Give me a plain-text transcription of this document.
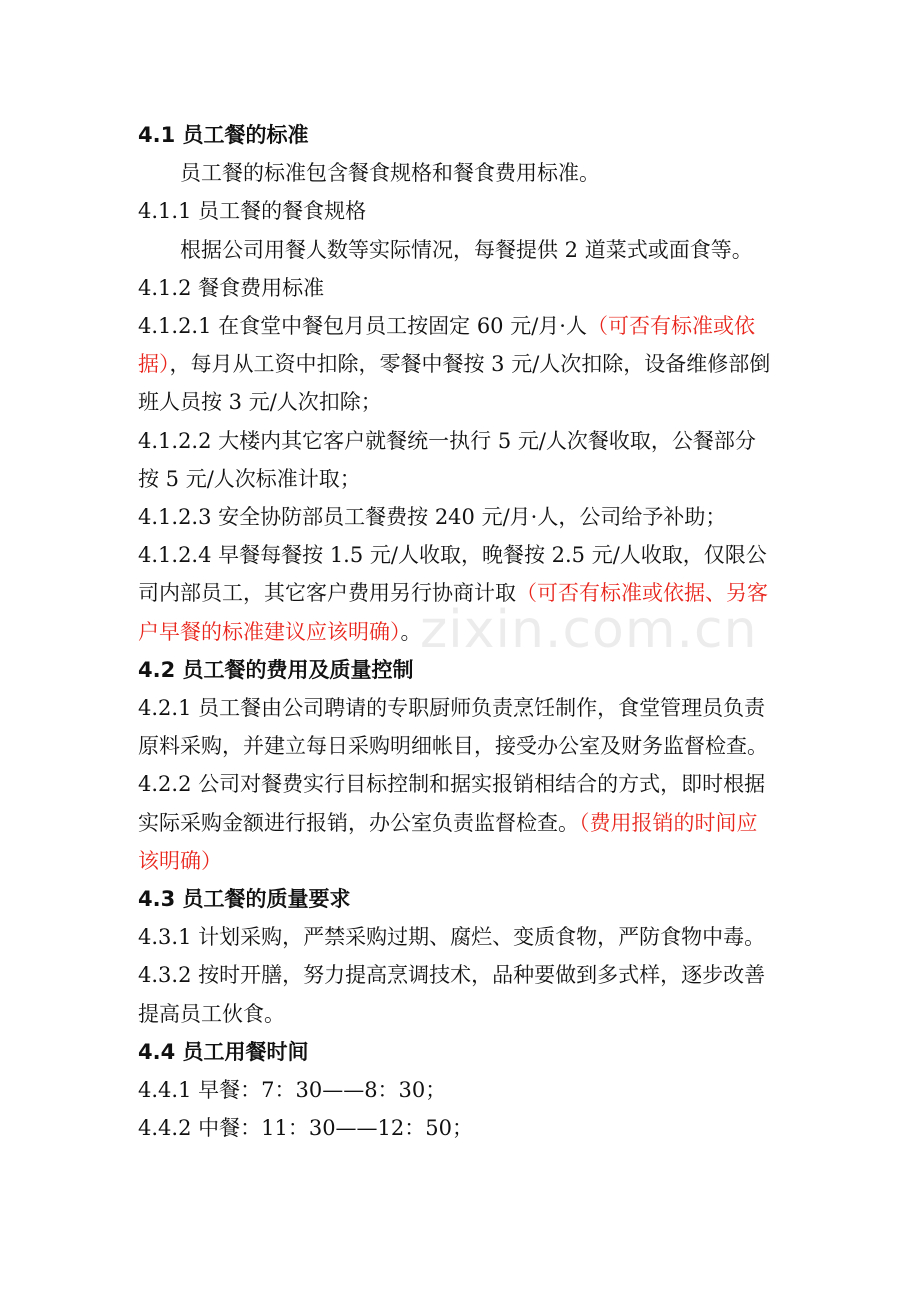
zixin.com.cn

4.1 员工餐的标准

员工餐的标准包含餐食规格和餐食费用标准。

4.1.1 员工餐的餐食规格

根据公司用餐人数等实际情况，每餐提供 2 道菜式或面食等。

4.1.2 餐食费用标准

4.1.2.1 在食堂中餐包月员工按固定 60 元/月·人（可否有标准或依

据），每月从工资中扣除，零餐中餐按 3 元/人次扣除，设备维修部倒

班人员按 3 元/人次扣除；

4.1.2.2 大楼内其它客户就餐统一执行 5 元/人次餐收取，公餐部分

按 5 元/人次标准计取；

4.1.2.3 安全协防部员工餐费按 240 元/月·人，公司给予补助；

4.1.2.4 早餐每餐按 1.5 元/人收取，晚餐按 2.5 元/人收取，仅限公

司内部员工，其它客户费用另行协商计取（可否有标准或依据、另客

户早餐的标准建议应该明确）。

4.2 员工餐的费用及质量控制

4.2.1 员工餐由公司聘请的专职厨师负责烹饪制作，食堂管理员负责

原料采购，并建立每日采购明细帐目，接受办公室及财务监督检查。

4.2.2 公司对餐费实行目标控制和据实报销相结合的方式，即时根据

实际采购金额进行报销，办公室负责监督检查。（费用报销的时间应

该明确）

4.3 员工餐的质量要求

4.3.1 计划采购，严禁采购过期、腐烂、变质食物，严防食物中毒。

4.3.2 按时开膳，努力提高烹调技术，品种要做到多式样，逐步改善

提高员工伙食。

4.4 员工用餐时间

4.4.1 早餐：7：30——8：30；

4.4.2 中餐：11：30——12：50；
